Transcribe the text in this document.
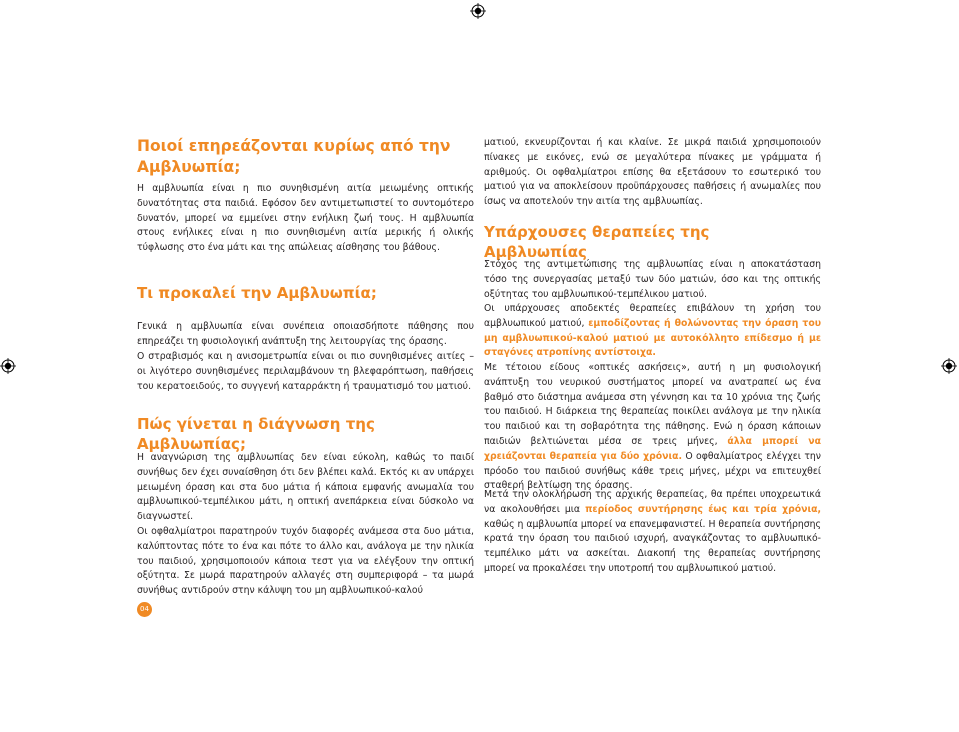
Ποιοί επηρεάζονται κυρίως από την Αμβλυωπία;

Η αμβλυωπία είναι η πιο συνηθισμένη αιτία μειωμένης οπτικής δυνατότητας στα παιδιά. Εφόσον δεν αντιμετωπιστεί το συντομότερο δυνατόν, μπορεί να εμμείνει στην ενήλικη ζωή τους. Η αμβλυωπία στους ενήλικες είναι η πιο συνηθισμένη αιτία μερικής ή ολικής τύφλωσης στο ένα μάτι και της απώλειας αίσθησης του βάθους.

Τι προκαλεί την Αμβλυωπία;

Γενικά η αμβλυωπία είναι συνέπεια οποιασδήποτε πάθησης που επηρεάζει τη φυσιολογική ανάπτυξη της λειτουργίας της όρασης.

Ο στραβισμός και η ανισομετρωπία είναι οι πιο συνηθισμένες αιτίες – οι λιγότερο συνηθισμένες περιλαμβάνουν τη βλεφαρόπτωση, παθήσεις του κερατοειδούς, το συγγενή καταρράκτη ή τραυματισμό του ματιού.

Πώς γίνεται η διάγνωση της Αμβλυωπίας;

Η αναγνώριση της αμβλυωπίας δεν είναι εύκολη, καθώς το παιδί συνήθως δεν έχει συναίσθηση ότι δεν βλέπει καλά. Εκτός κι αν υπάρχει μειωμένη όραση και στα δυο μάτια ή κάποια εμφανής ανωμαλία του αμβλυωπικού-τεμπέλικου μάτι, η οπτική ανεπάρκεια είναι δύσκολο να διαγνωστεί.

Οι οφθαλμίατροι παρατηρούν τυχόν διαφορές ανάμεσα στα δυο μάτια, καλύπτοντας πότε το ένα και πότε το άλλο και, ανάλογα με την ηλικία του παιδιού, χρησιμοποιούν κάποια τεστ για να ελέγξουν την οπτική οξύτητα. Σε μωρά παρατηρούν αλλαγές στη συμπεριφορά – τα μωρά συνήθως αντιδρούν στην κάλυψη του μη αμβλυωπικού-καλού

04

ματιού, εκνευρίζονται ή και κλαίνε. Σε μικρά παιδιά χρησιμοποιούν πίνακες με εικόνες, ενώ σε μεγαλύτερα πίνακες με γράμματα ή αριθμούς. Οι οφθαλμίατροι επίσης θα εξετάσουν το εσωτερικό του ματιού για να αποκλείσουν προϋπάρχουσες παθήσεις ή ανωμαλίες που ίσως να αποτελούν την αιτία της αμβλυωπίας.

Υπάρχουσες θεραπείες της Αμβλυωπίας

Στόχος της αντιμετώπισης της αμβλυωπίας είναι η αποκατάσταση τόσο της συνεργασίας μεταξύ των δύο ματιών, όσο και της οπτικής οξύτητας του αμβλυωπικού-τεμπέλικου ματιού.

Οι υπάρχουσες αποδεκτές θεραπείες επιβάλουν τη χρήση του αμβλυωπικού ματιού, εμποδίζοντας ή θολώνοντας την όραση του μη αμβλυωπικού-καλού ματιού με αυτοκόλλητο επίδεσμο ή με σταγόνες ατροπίνης αντίστοιχα.

Με τέτοιου είδους «οπτικές ασκήσεις», αυτή η μη φυσιολογική ανάπτυξη του νευρικού συστήματος μπορεί να ανατραπεί ως ένα βαθμό στο διάστημα ανάμεσα στη γέννηση και τα 10 χρόνια της ζωής του παιδιού. Η διάρκεια της θεραπείας ποικίλει ανάλογα με την ηλικία του παιδιού και τη σοβαρότητα της πάθησης. Ενώ η όραση κάποιων παιδιών βελτιώνεται μέσα σε τρεις μήνες, άλλα μπορεί να χρειάζονται θεραπεία για δύο χρόνια. Ο οφθαλμίατρος ελέγχει την πρόοδο του παιδιού συνήθως κάθε τρεις μήνες, μέχρι να επιτευχθεί σταθερή βελτίωση της όρασης.

Μετά την ολοκλήρωση της αρχικής θεραπείας, θα πρέπει υποχρεωτικά να ακολουθήσει μια περίοδος συντήρησης έως και τρία χρόνια, καθώς η αμβλυωπία μπορεί να επανεμφανιστεί. Η θεραπεία συντήρησης κρατά την όραση του παιδιού ισχυρή, αναγκάζοντας το αμβλυωπικό-τεμπέλικο μάτι να ασκείται. Διακοπή της θεραπείας συντήρησης μπορεί να προκαλέσει την υποτροπή του αμβλυωπικού ματιού.
